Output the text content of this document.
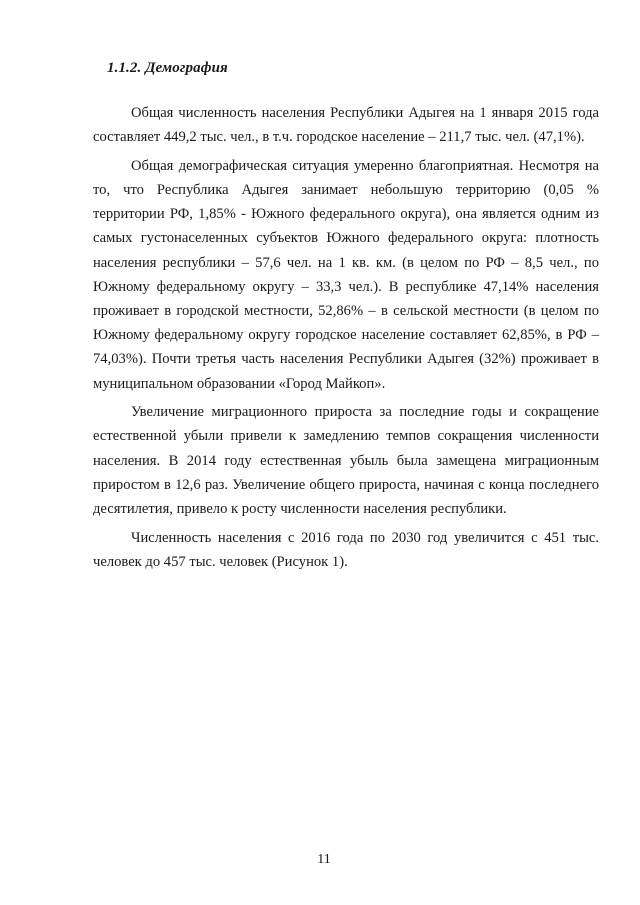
1.1.2. Демография

Общая численность населения Республики Адыгея на 1 января 2015 года составляет 449,2 тыс. чел., в т.ч. городское население – 211,7 тыс. чел. (47,1%).

Общая демографическая ситуация умеренно благоприятная. Несмотря на то, что Республика Адыгея занимает небольшую территорию (0,05 % территории РФ, 1,85% - Южного федерального округа), она является одним из самых густонаселенных субъектов Южного федерального округа: плотность населения республики – 57,6 чел. на 1 кв. км. (в целом по РФ – 8,5 чел., по Южному федеральному округу – 33,3 чел.). В республике 47,14% населения проживает в городской местности, 52,86% – в сельской местности (в целом по Южному федеральному округу городское население составляет 62,85%, в РФ – 74,03%). Почти третья часть населения Республики Адыгея (32%) проживает в муниципальном образовании «Город Майкоп».

Увеличение миграционного прироста за последние годы и сокращение естественной убыли привели к замедлению темпов сокращения численности населения. В 2014 году естественная убыль была замещена миграционным приростом в 12,6 раз. Увеличение общего прироста, начиная с конца последнего десятилетия, привело к росту численности населения республики.

Численность населения с 2016 года по 2030 год увеличится с 451 тыс. человек до 457 тыс. человек (Рисунок 1).

11
